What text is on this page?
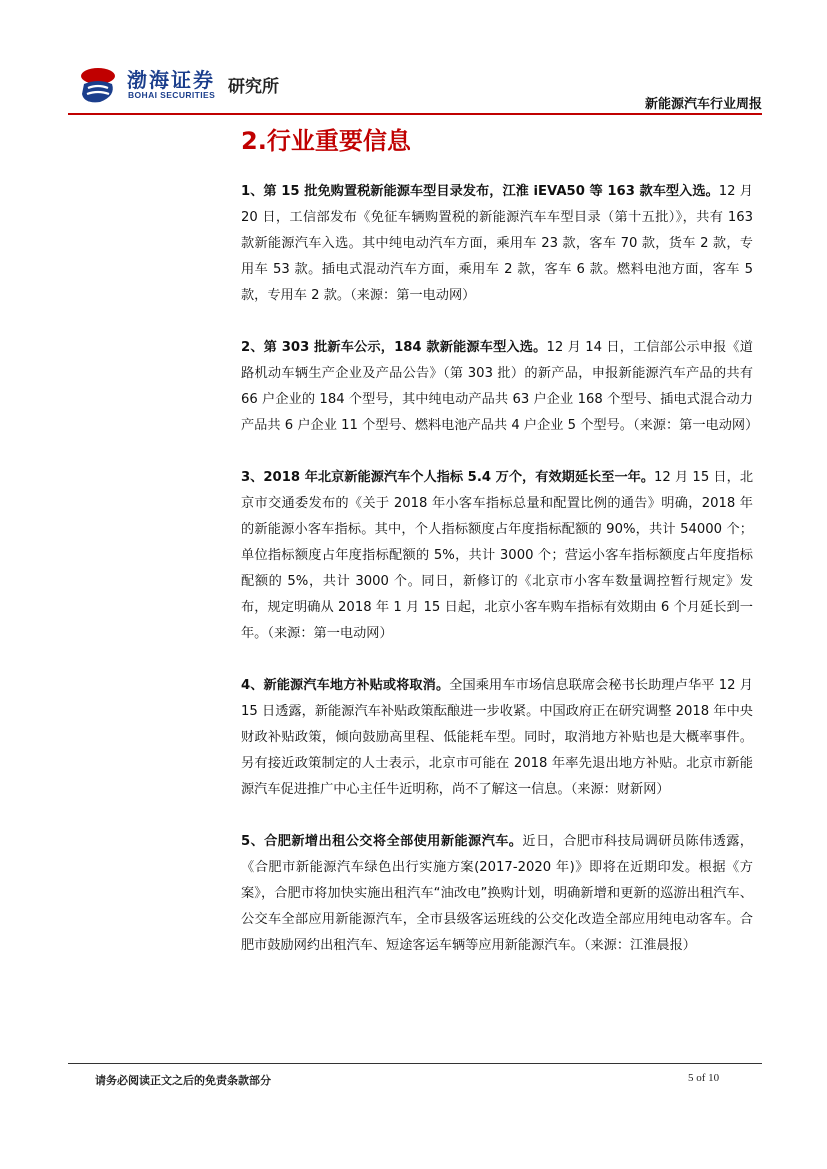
渤海证券
BOHAI SECURITIES 研究所
新能源汽车行业周报
2.行业重要信息

1、第 15 批免购置税新能源车型目录发布，江淮 iEVA50 等 163 款车型入选。12 月 20 日，工信部发布《免征车辆购置税的新能源汽车车型目录（第十五批）》，共有 163 款新能源汽车入选。其中纯电动汽车方面，乘用车 23 款，客车 70 款，货车 2 款，专用车 53 款。插电式混动汽车方面，乘用车 2 款，客车 6 款。燃料电池方面，客车 5 款，专用车 2 款。（来源：第一电动网）

2、第 303 批新车公示，184 款新能源车型入选。12 月 14 日，工信部公示申报《道路机动车辆生产企业及产品公告》（第 303 批）的新产品，申报新能源汽车产品的共有 66 户企业的 184 个型号，其中纯电动产品共 63 户企业 168 个型号、插电式混合动力产品共 6 户企业 11 个型号、燃料电池产品共 4 户企业 5 个型号。（来源：第一电动网）

3、2018 年北京新能源汽车个人指标 5.4 万个，有效期延长至一年。12 月 15 日，北京市交通委发布的《关于 2018 年小客车指标总量和配置比例的通告》明确，2018 年的新能源小客车指标。其中，个人指标额度占年度指标配额的 90%，共计 54000 个；单位指标额度占年度指标配额的 5%，共计 3000 个；营运小客车指标额度占年度指标配额的 5%，共计 3000 个。同日，新修订的《北京市小客车数量调控暂行规定》发布，规定明确从 2018 年 1 月 15 日起，北京小客车购车指标有效期由 6 个月延长到一年。（来源：第一电动网）

4、新能源汽车地方补贴或将取消。全国乘用车市场信息联席会秘书长助理卢华平 12 月 15 日透露，新能源汽车补贴政策酝酿进一步收紧。中国政府正在研究调整 2018 年中央财政补贴政策，倾向鼓励高里程、低能耗车型。同时，取消地方补贴也是大概率事件。另有接近政策制定的人士表示，北京市可能在 2018 年率先退出地方补贴。北京市新能源汽车促进推广中心主任牛近明称，尚不了解这一信息。（来源：财新网）

5、合肥新增出租公交将全部使用新能源汽车。近日，合肥市科技局调研员陈伟透露，《合肥市新能源汽车绿色出行实施方案(2017-2020 年)》即将在近期印发。根据《方案》，合肥市将加快实施出租汽车“油改电”换购计划，明确新增和更新的巡游出租汽车、公交车全部应用新能源汽车，全市县级客运班线的公交化改造全部应用纯电动客车。合肥市鼓励网约出租汽车、短途客运车辆等应用新能源汽车。（来源：江淮晨报）

请务必阅读正文之后的免责条款部分	5 of 10
